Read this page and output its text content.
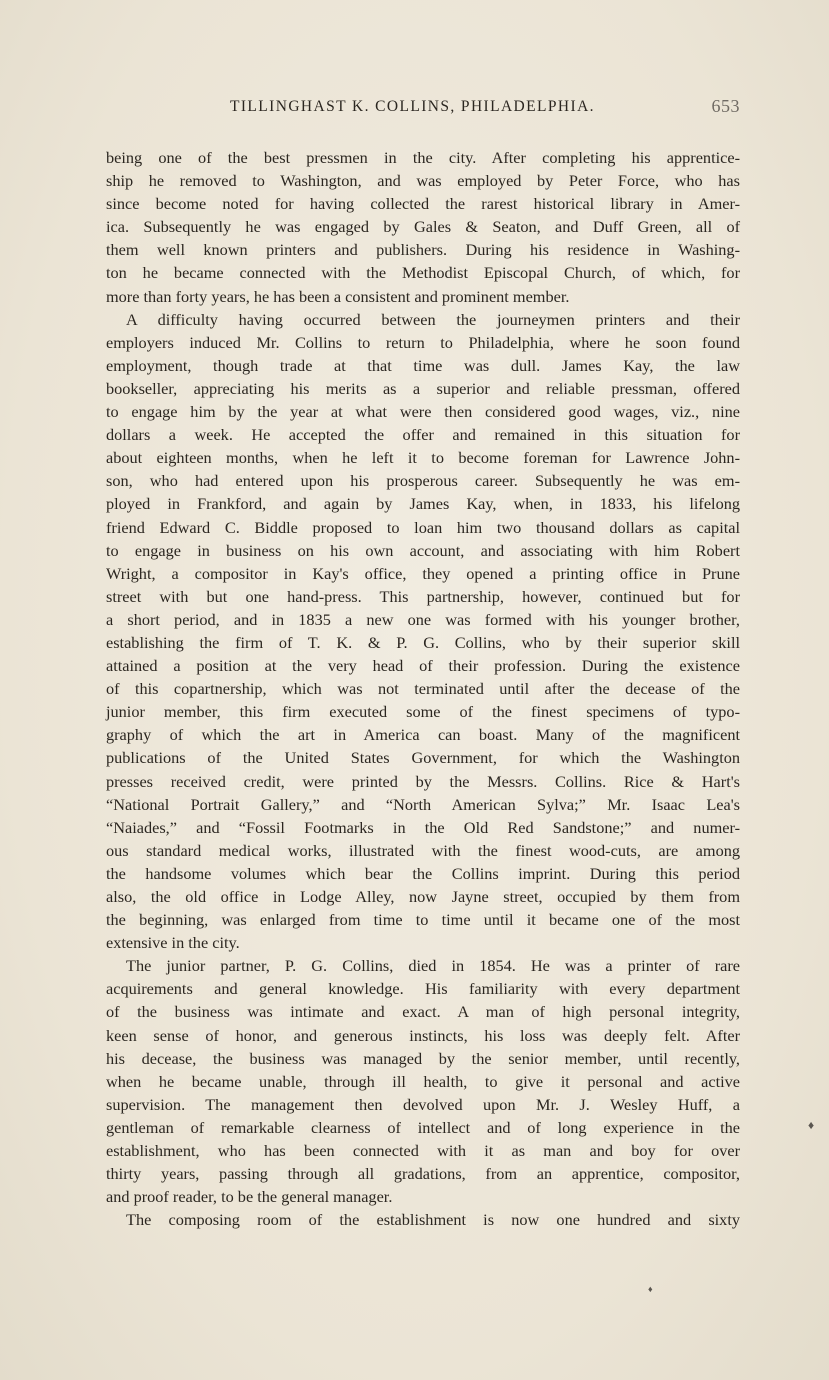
TILLINGHAST K. COLLINS, PHILADELPHIA.	653
being one of the best pressmen in the city. After completing his apprentice-
ship he removed to Washington, and was employed by Peter Force, who has
since become noted for having collected the rarest historical library in Amer-
ica. Subsequently he was engaged by Gales & Seaton, and Duff Green, all of
them well known printers and publishers. During his residence in Washing-
ton he became connected with the Methodist Episcopal Church, of which, for
more than forty years, he has been a consistent and prominent member.
A difficulty having occurred between the journeymen printers and their
employers induced Mr. Collins to return to Philadelphia, where he soon found
employment, though trade at that time was dull. James Kay, the law
bookseller, appreciating his merits as a superior and reliable pressman, offered
to engage him by the year at what were then considered good wages, viz., nine
dollars a week. He accepted the offer and remained in this situation for
about eighteen months, when he left it to become foreman for Lawrence John-
son, who had entered upon his prosperous career. Subsequently he was em-
ployed in Frankford, and again by James Kay, when, in 1833, his lifelong
friend Edward C. Biddle proposed to loan him two thousand dollars as capital
to engage in business on his own account, and associating with him Robert
Wright, a compositor in Kay's office, they opened a printing office in Prune
street with but one hand-press. This partnership, however, continued but for
a short period, and in 1835 a new one was formed with his younger brother,
establishing the firm of T. K. & P. G. Collins, who by their superior skill
attained a position at the very head of their profession. During the existence
of this copartnership, which was not terminated until after the decease of the
junior member, this firm executed some of the finest specimens of typo-
graphy of which the art in America can boast. Many of the magnificent
publications of the United States Government, for which the Washington
presses received credit, were printed by the Messrs. Collins. Rice & Hart's
“National Portrait Gallery,” and “North American Sylva;” Mr. Isaac Lea's
“Naiades,” and “Fossil Footmarks in the Old Red Sandstone;” and numer-
ous standard medical works, illustrated with the finest wood-cuts, are among
the handsome volumes which bear the Collins imprint. During this period
also, the old office in Lodge Alley, now Jayne street, occupied by them from
the beginning, was enlarged from time to time until it became one of the most
extensive in the city.
The junior partner, P. G. Collins, died in 1854. He was a printer of rare
acquirements and general knowledge. His familiarity with every department
of the business was intimate and exact. A man of high personal integrity,
keen sense of honor, and generous instincts, his loss was deeply felt. After
his decease, the business was managed by the senior member, until recently,
when he became unable, through ill health, to give it personal and active
supervision. The management then devolved upon Mr. J. Wesley Huff, a
gentleman of remarkable clearness of intellect and of long experience in the
establishment, who has been connected with it as man and boy for over
thirty years, passing through all gradations, from an apprentice, compositor,
and proof reader, to be the general manager.
The composing room of the establishment is now one hundred and sixty
♦
♦
